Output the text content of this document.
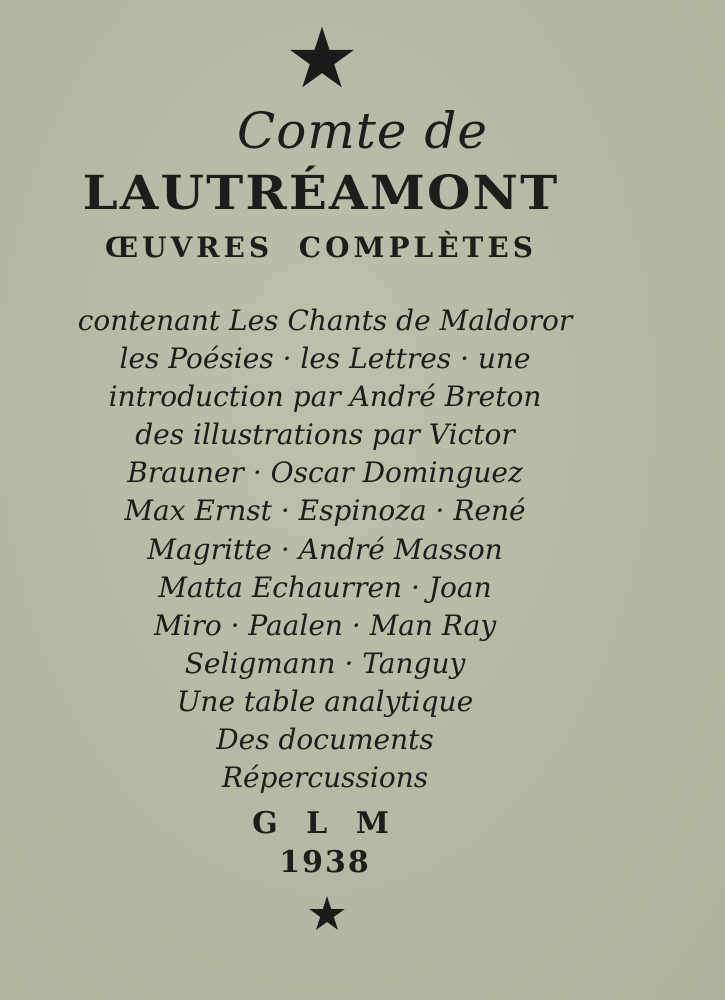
Comte de
LAUTRÉAMONT
ŒUVRES COMPLÈTES
contenant Les Chants de Maldoror
les Poésies · les Lettres · une
introduction par André Breton
des illustrations par Victor
Brauner · Oscar Dominguez
Max Ernst · Espinoza · René
Magritte · André Masson
Matta Echaurren · Joan
Miro · Paalen · Man Ray
Seligmann · Tanguy
Une table analytique
Des documents
Répercussions
G L M
1938
